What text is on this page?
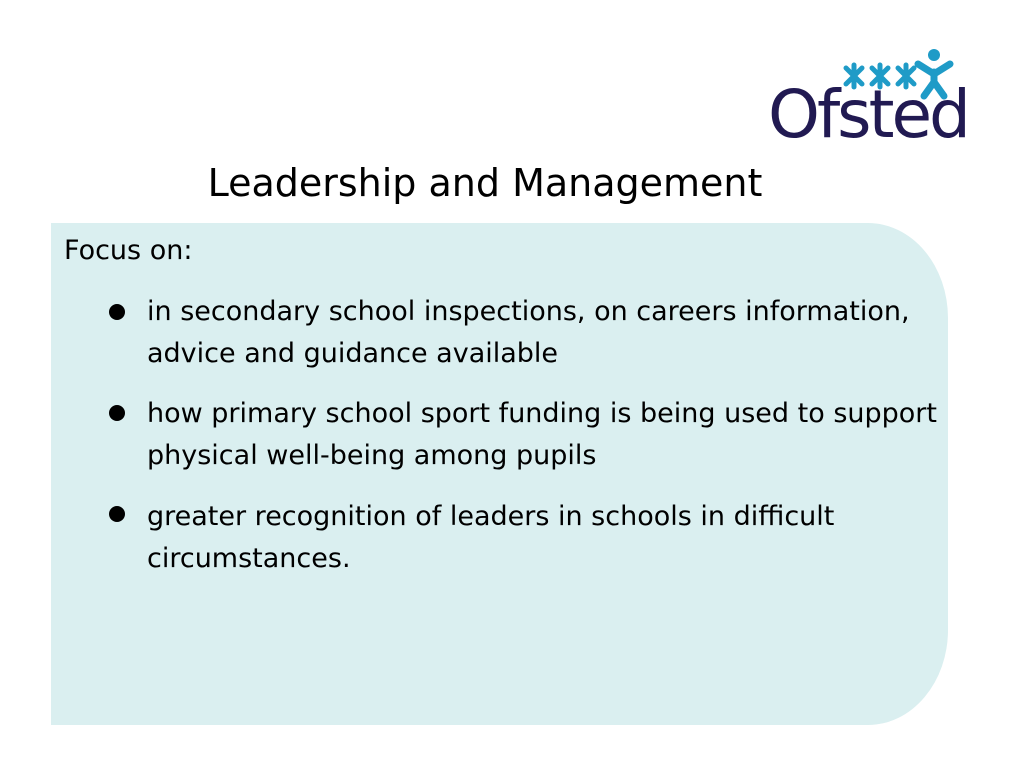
Ofsted
Leadership and Management
Focus on:
in secondary school inspections, on careers information, advice and guidance available
how primary school sport funding is being used to support physical well-being among pupils
greater recognition of leaders in schools in difficult circumstances.
